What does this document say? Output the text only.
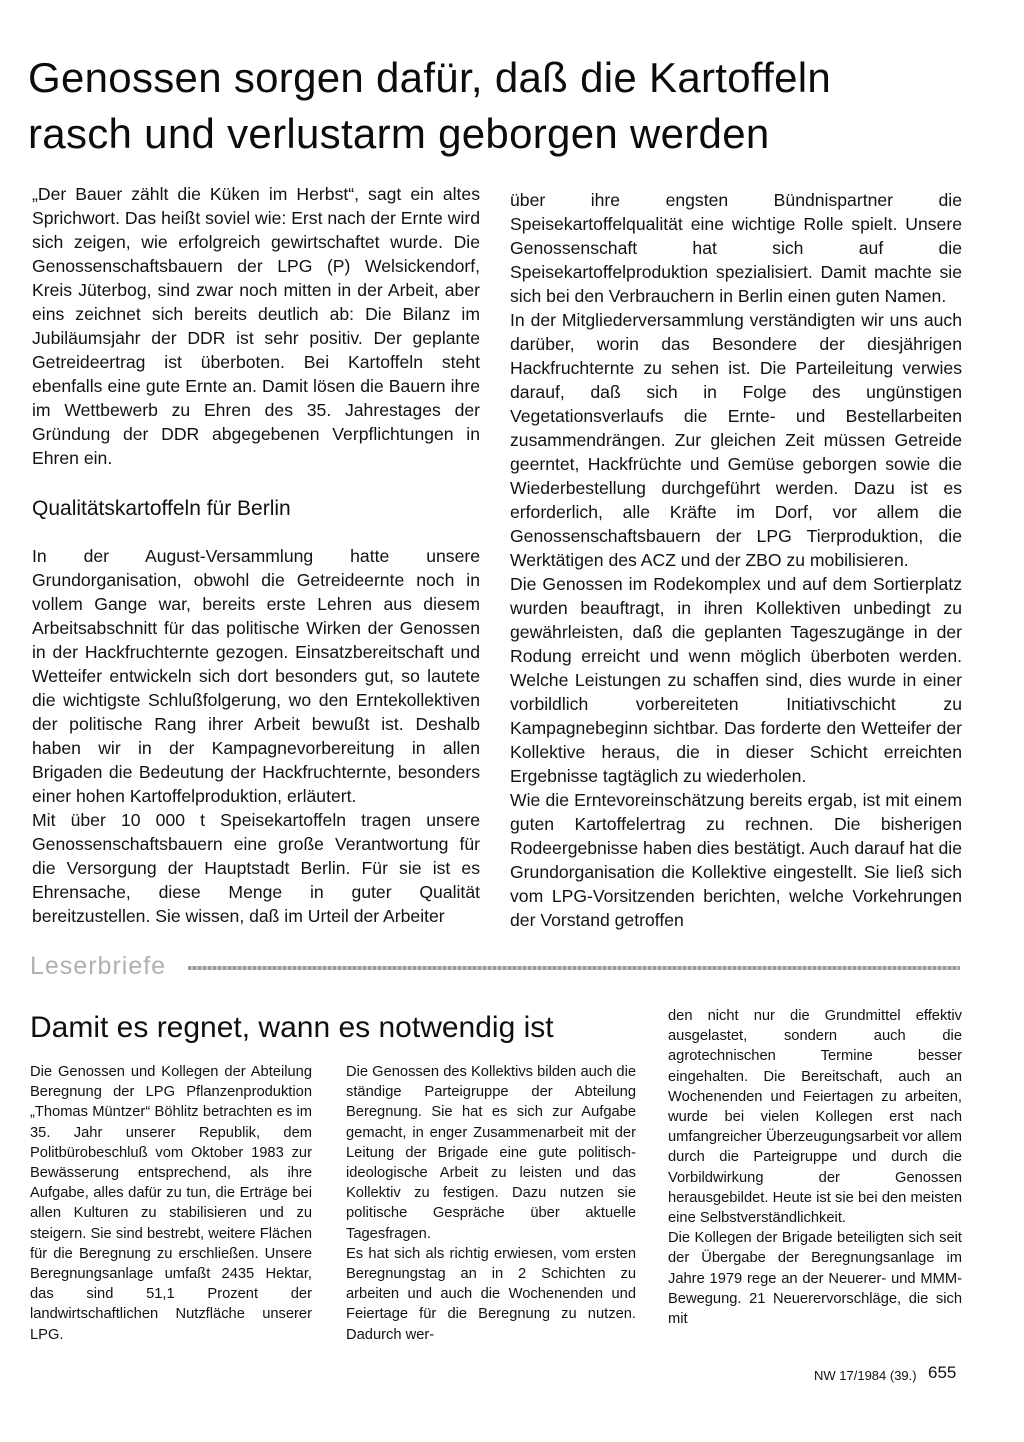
Genossen sorgen dafür, daß die Kartoffeln
rasch und verlustarm geborgen werden

„Der Bauer zählt die Küken im Herbst“, sagt ein altes Sprichwort. Das heißt soviel wie: Erst nach der Ernte wird sich zeigen, wie erfolgreich gewirtschaftet wurde. Die Genossenschaftsbauern der LPG (P) Welsickendorf, Kreis Jüterbog, sind zwar noch mitten in der Arbeit, aber eins zeichnet sich bereits deutlich ab: Die Bilanz im Jubiläumsjahr der DDR ist sehr positiv. Der geplante Getreideertrag ist überboten. Bei Kartoffeln steht ebenfalls eine gute Ernte an. Damit lösen die Bauern ihre im Wettbewerb zu Ehren des 35. Jahrestages der Gründung der DDR abgegebenen Verpflichtungen in Ehren ein.

Qualitätskartoffeln für Berlin

In der August-Versammlung hatte unsere Grundorganisation, obwohl die Getreideernte noch in vollem Gange war, bereits erste Lehren aus diesem Arbeitsabschnitt für das politische Wirken der Genossen in der Hackfruchternte gezogen. Einsatzbereitschaft und Wetteifer entwickeln sich dort besonders gut, so lautete die wichtigste Schlußfolgerung, wo den Erntekollektiven der politische Rang ihrer Arbeit bewußt ist. Deshalb haben wir in der Kampagnevorbereitung in allen Brigaden die Bedeutung der Hackfruchternte, besonders einer hohen Kartoffelproduktion, erläutert.

Mit über 10 000 t Speisekartoffeln tragen unsere Genossenschaftsbauern eine große Verantwortung für die Versorgung der Hauptstadt Berlin. Für sie ist es Ehrensache, diese Menge in guter Qualität bereitzustellen. Sie wissen, daß im Urteil der Arbeiter

über ihre engsten Bündnispartner die Speisekartoffelqualität eine wichtige Rolle spielt. Unsere Genossenschaft hat sich auf die Speisekartoffelproduktion spezialisiert. Damit machte sie sich bei den Verbrauchern in Berlin einen guten Namen.

In der Mitgliederversammlung verständigten wir uns auch darüber, worin das Besondere der diesjährigen Hackfruchternte zu sehen ist. Die Parteileitung verwies darauf, daß sich in Folge des ungünstigen Vegetationsverlaufs die Ernte- und Bestellarbeiten zusammendrängen. Zur gleichen Zeit müssen Getreide geerntet, Hackfrüchte und Gemüse geborgen sowie die Wiederbestellung durchgeführt werden. Dazu ist es erforderlich, alle Kräfte im Dorf, vor allem die Genossenschaftsbauern der LPG Tierproduktion, die Werktätigen des ACZ und der ZBO zu mobilisieren.

Die Genossen im Rodekomplex und auf dem Sortierplatz wurden beauftragt, in ihren Kollektiven unbedingt zu gewährleisten, daß die geplanten Tageszugänge in der Rodung erreicht und wenn möglich überboten werden. Welche Leistungen zu schaffen sind, dies wurde in einer vorbildlich vorbereiteten Initiativschicht zu Kampagnebeginn sichtbar. Das forderte den Wetteifer der Kollektive heraus, die in dieser Schicht erreichten Ergebnisse tagtäglich zu wiederholen.

Wie die Erntevoreinschätzung bereits ergab, ist mit einem guten Kartoffelertrag zu rechnen. Die bisherigen Rodeergebnisse haben dies bestätigt. Auch darauf hat die Grundorganisation die Kollektive eingestellt. Sie ließ sich vom LPG-Vorsitzenden berichten, welche Vorkehrungen der Vorstand getroffen

Leserbriefe
Damit es regnet, wann es notwendig ist

Die Genossen und Kollegen der Abteilung Beregnung der LPG Pflanzenproduktion „Thomas Müntzer“ Böhlitz betrachten es im 35. Jahr unserer Republik, dem Politbürobeschluß vom Oktober 1983 zur Bewässerung entsprechend, als ihre Aufgabe, alles dafür zu tun, die Erträge bei allen Kulturen zu stabilisieren und zu steigern. Sie sind bestrebt, weitere Flächen für die Beregnung zu erschließen. Unsere Beregnungsanlage umfaßt 2435 Hektar, das sind 51,1 Prozent der landwirtschaftlichen Nutzfläche unserer LPG.

Die Genossen des Kollektivs bilden auch die ständige Parteigruppe der Abteilung Beregnung. Sie hat es sich zur Aufgabe gemacht, in enger Zusammenarbeit mit der Leitung der Brigade eine gute politisch-ideologische Arbeit zu leisten und das Kollektiv zu festigen. Dazu nutzen sie politische Gespräche über aktuelle Tagesfragen.

Es hat sich als richtig erwiesen, vom ersten Beregnungstag an in 2 Schichten zu arbeiten und auch die Wochenenden und Feiertage für die Beregnung zu nutzen. Dadurch wer-

den nicht nur die Grundmittel effektiv ausgelastet, sondern auch die agrotechnischen Termine besser eingehalten. Die Bereitschaft, auch an Wochenenden und Feiertagen zu arbeiten, wurde bei vielen Kollegen erst nach umfangreicher Überzeugungsarbeit vor allem durch die Parteigruppe und durch die Vorbildwirkung der Genossen herausgebildet. Heute ist sie bei den meisten eine Selbstverständlichkeit.

Die Kollegen der Brigade beteiligten sich seit der Übergabe der Beregnungsanlage im Jahre 1979 rege an der Neuerer- und MMM-Bewegung. 21 Neuerervorschläge, die sich mit

NW 17/1984 (39.) 655
